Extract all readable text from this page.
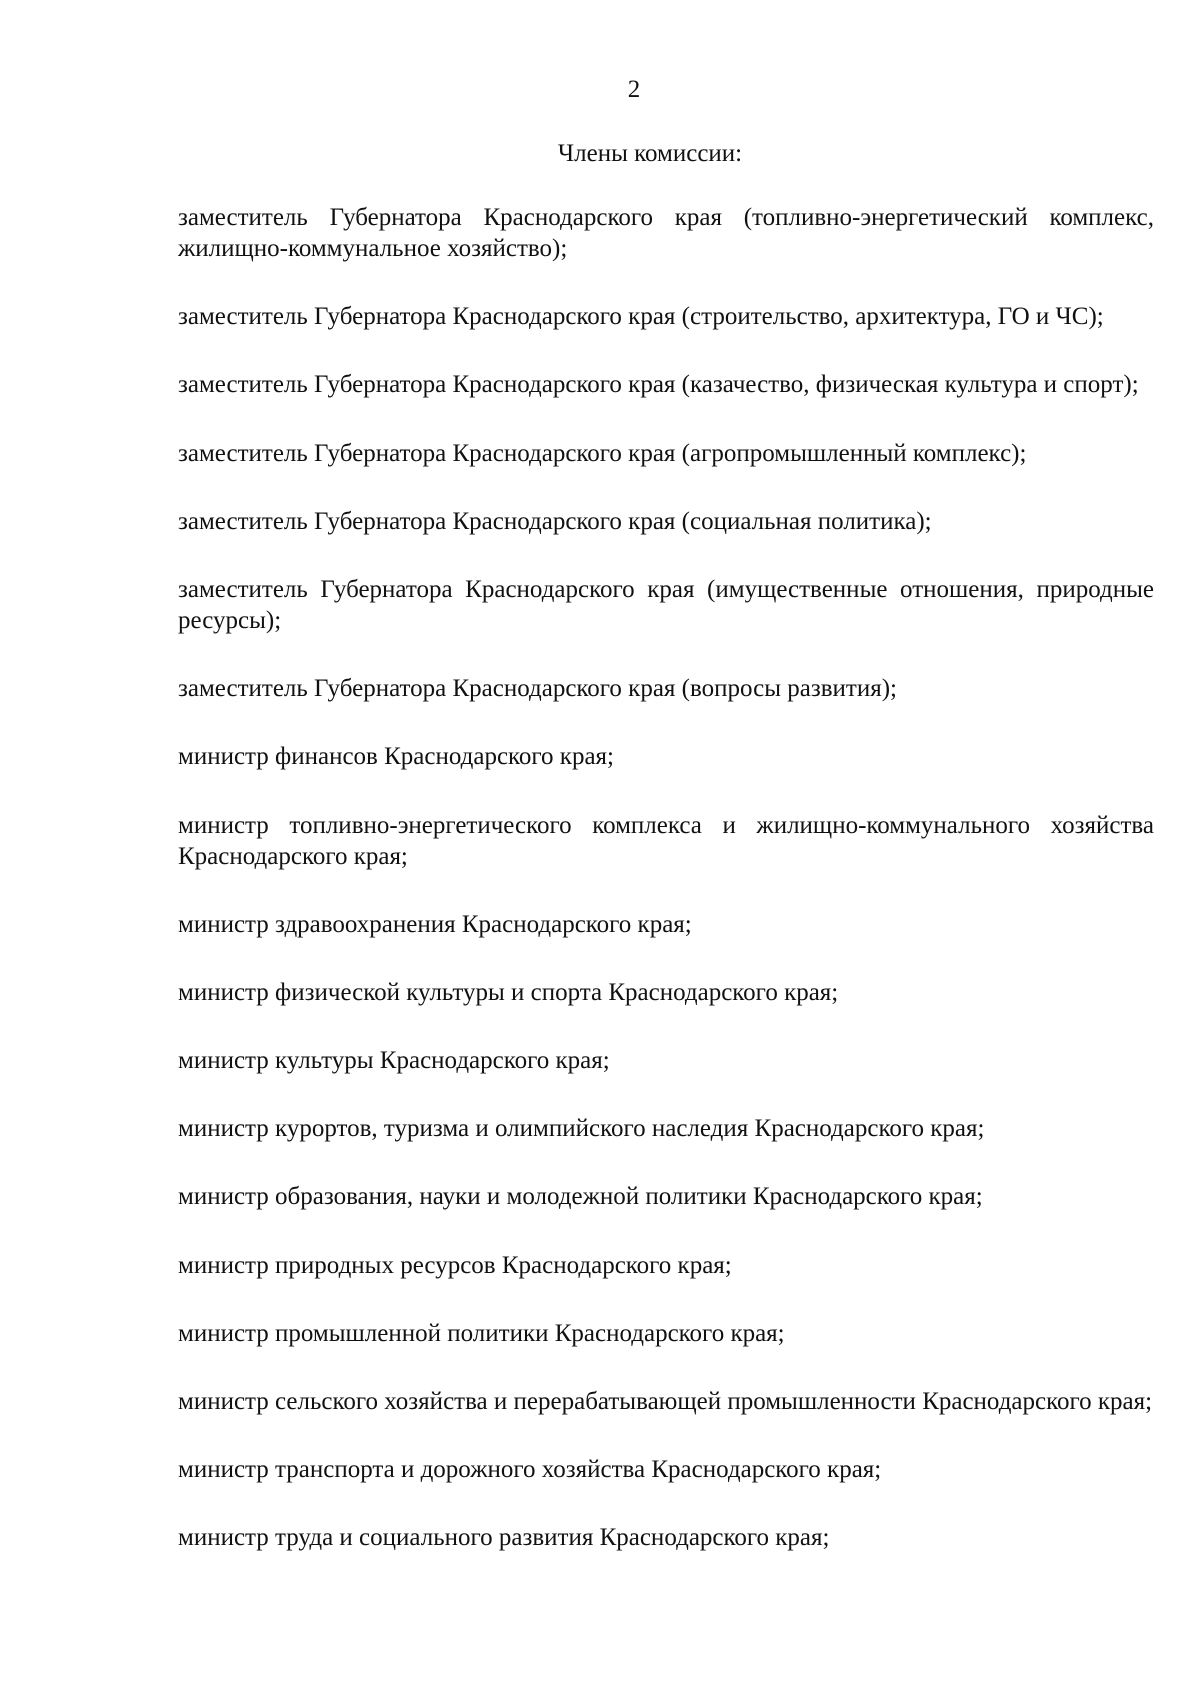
2
Члены комиссии:
заместитель Губернатора Краснодарского края (топливно-энергетический комплекс, жилищно-коммунальное хозяйство);
заместитель Губернатора Краснодарского края (строительство, архитектура, ГО и ЧС);
заместитель Губернатора Краснодарского края (казачество, физическая культура и спорт);
заместитель Губернатора Краснодарского края (агропромышленный комплекс);
заместитель Губернатора Краснодарского края (социальная политика);
заместитель Губернатора Краснодарского края (имущественные отношения, природные ресурсы);
заместитель Губернатора Краснодарского края (вопросы развития);
министр финансов Краснодарского края;
министр топливно-энергетического комплекса и жилищно-коммунального хозяйства Краснодарского края;
министр здравоохранения Краснодарского края;
министр физической культуры и спорта Краснодарского края;
министр культуры Краснодарского края;
министр курортов, туризма и олимпийского наследия Краснодарского края;
министр образования, науки и молодежной политики Краснодарского края;
министр природных ресурсов Краснодарского края;
министр промышленной политики Краснодарского края;
министр сельского хозяйства и перерабатывающей промышленности Краснодарского края;
министр транспорта и дорожного хозяйства Краснодарского края;
министр труда и социального развития Краснодарского края;
